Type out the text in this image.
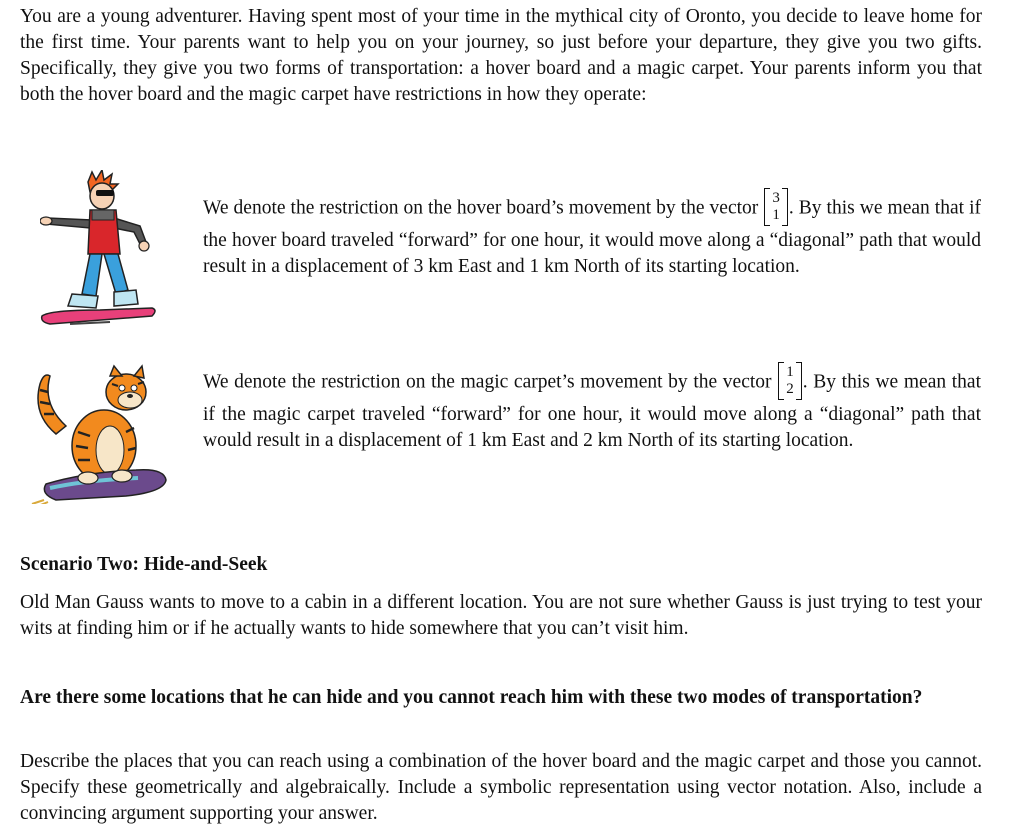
You are a young adventurer. Having spent most of your time in the mythical city of Oronto, you decide to leave home for the first time. Your parents want to help you on your journey, so just before your departure, they give you two gifts. Specifically, they give you two forms of transportation: a hover board and a magic carpet. Your parents inform you that both the hover board and the magic carpet have restrictions in how they operate:

We denote the restriction on the hover board’s movement by the vector 3
1 . By this we mean that if the hover board traveled “forward” for one hour, it would move along a “diagonal” path that would result in a displacement of 3 km East and 1 km North of its starting location.

We denote the restriction on the magic carpet’s movement by the vector 1
2 . By this we mean that if the magic carpet traveled “forward” for one hour, it would move along a “diagonal” path that would result in a displacement of 1 km East and 2 km North of its starting location.

Scenario Two: Hide-and-Seek

Old Man Gauss wants to move to a cabin in a different location. You are not sure whether Gauss is just trying to test your wits at finding him or if he actually wants to hide somewhere that you can’t visit him.

Are there some locations that he can hide and you cannot reach him with these two modes of transportation?

Describe the places that you can reach using a combination of the hover board and the magic carpet and those you cannot. Specify these geometrically and algebraically. Include a symbolic representation using vector notation. Also, include a convincing argument supporting your answer.
